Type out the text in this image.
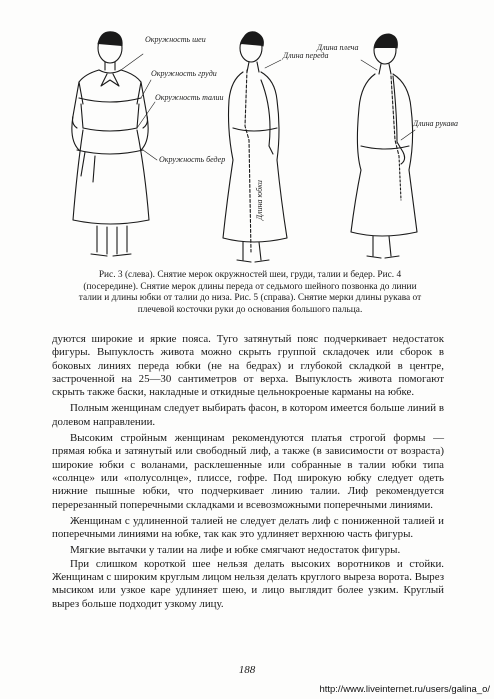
Окружность шеи
Окружность груди
Окружность талии
Окружность бедер
Длина переда
Длина юбки
Длина плеча
Длина рукава

Рис. 3 (слева). Снятие мерок окружностей шеи, груди, талии и бедер. Рис. 4

(посередине). Снятие мерок длины переда от седьмого шейного позвонка до линии

талии и длины юбки от талии до низа. Рис. 5 (справа). Снятие мерки длины рукава от

плечевой косточки руки до основания большого пальца.

дуются широкие и яркие пояса. Туго затянутый пояс подчеркивает недостаток фигуры. Выпуклость живота можно скрыть группой складочек или сборок в боковых линиях переда юбки (не на бедрах) и глубокой складкой в центре, застроченной на 25—30 сантиметров от верха. Выпуклость живота помогают скрыть также баски, накладные и откидные цельнокроеные карманы на юбке.

Полным женщинам следует выбирать фасон, в котором имеется больше линий в долевом направлении.

Высоким стройным женщинам рекомендуются платья строгой формы — прямая юбка и затянутый или свободный лиф, а также (в зависимости от возраста) широкие юбки с воланами, расклешенные или собранные в талии юбки типа «солнце» или «полусолнце», плиссе, гофре. Под широкую юбку следует одеть нижние пышные юбки, что подчеркивает линию талии. Лиф рекомендуется перерезанный поперечными складками и всевозможными поперечными линиями.

Женщинам с удлиненной талией не следует делать лиф с пониженной талией и поперечными линиями на юбке, так как это удлиняет верхнюю часть фигуры.

Мягкие вытачки у талии на лифе и юбке смягчают недостаток фигуры.

При слишком короткой шее нельзя делать высоких воротников и стойки. Женщинам с широким круглым лицом нельзя делать круглого выреза ворота. Вырез мысиком или узкое каре удлиняет шею, и лицо выглядит более узким. Круглый вырез больше подходит узкому лицу.

188
http://www.liveinternet.ru/users/galina_o/
